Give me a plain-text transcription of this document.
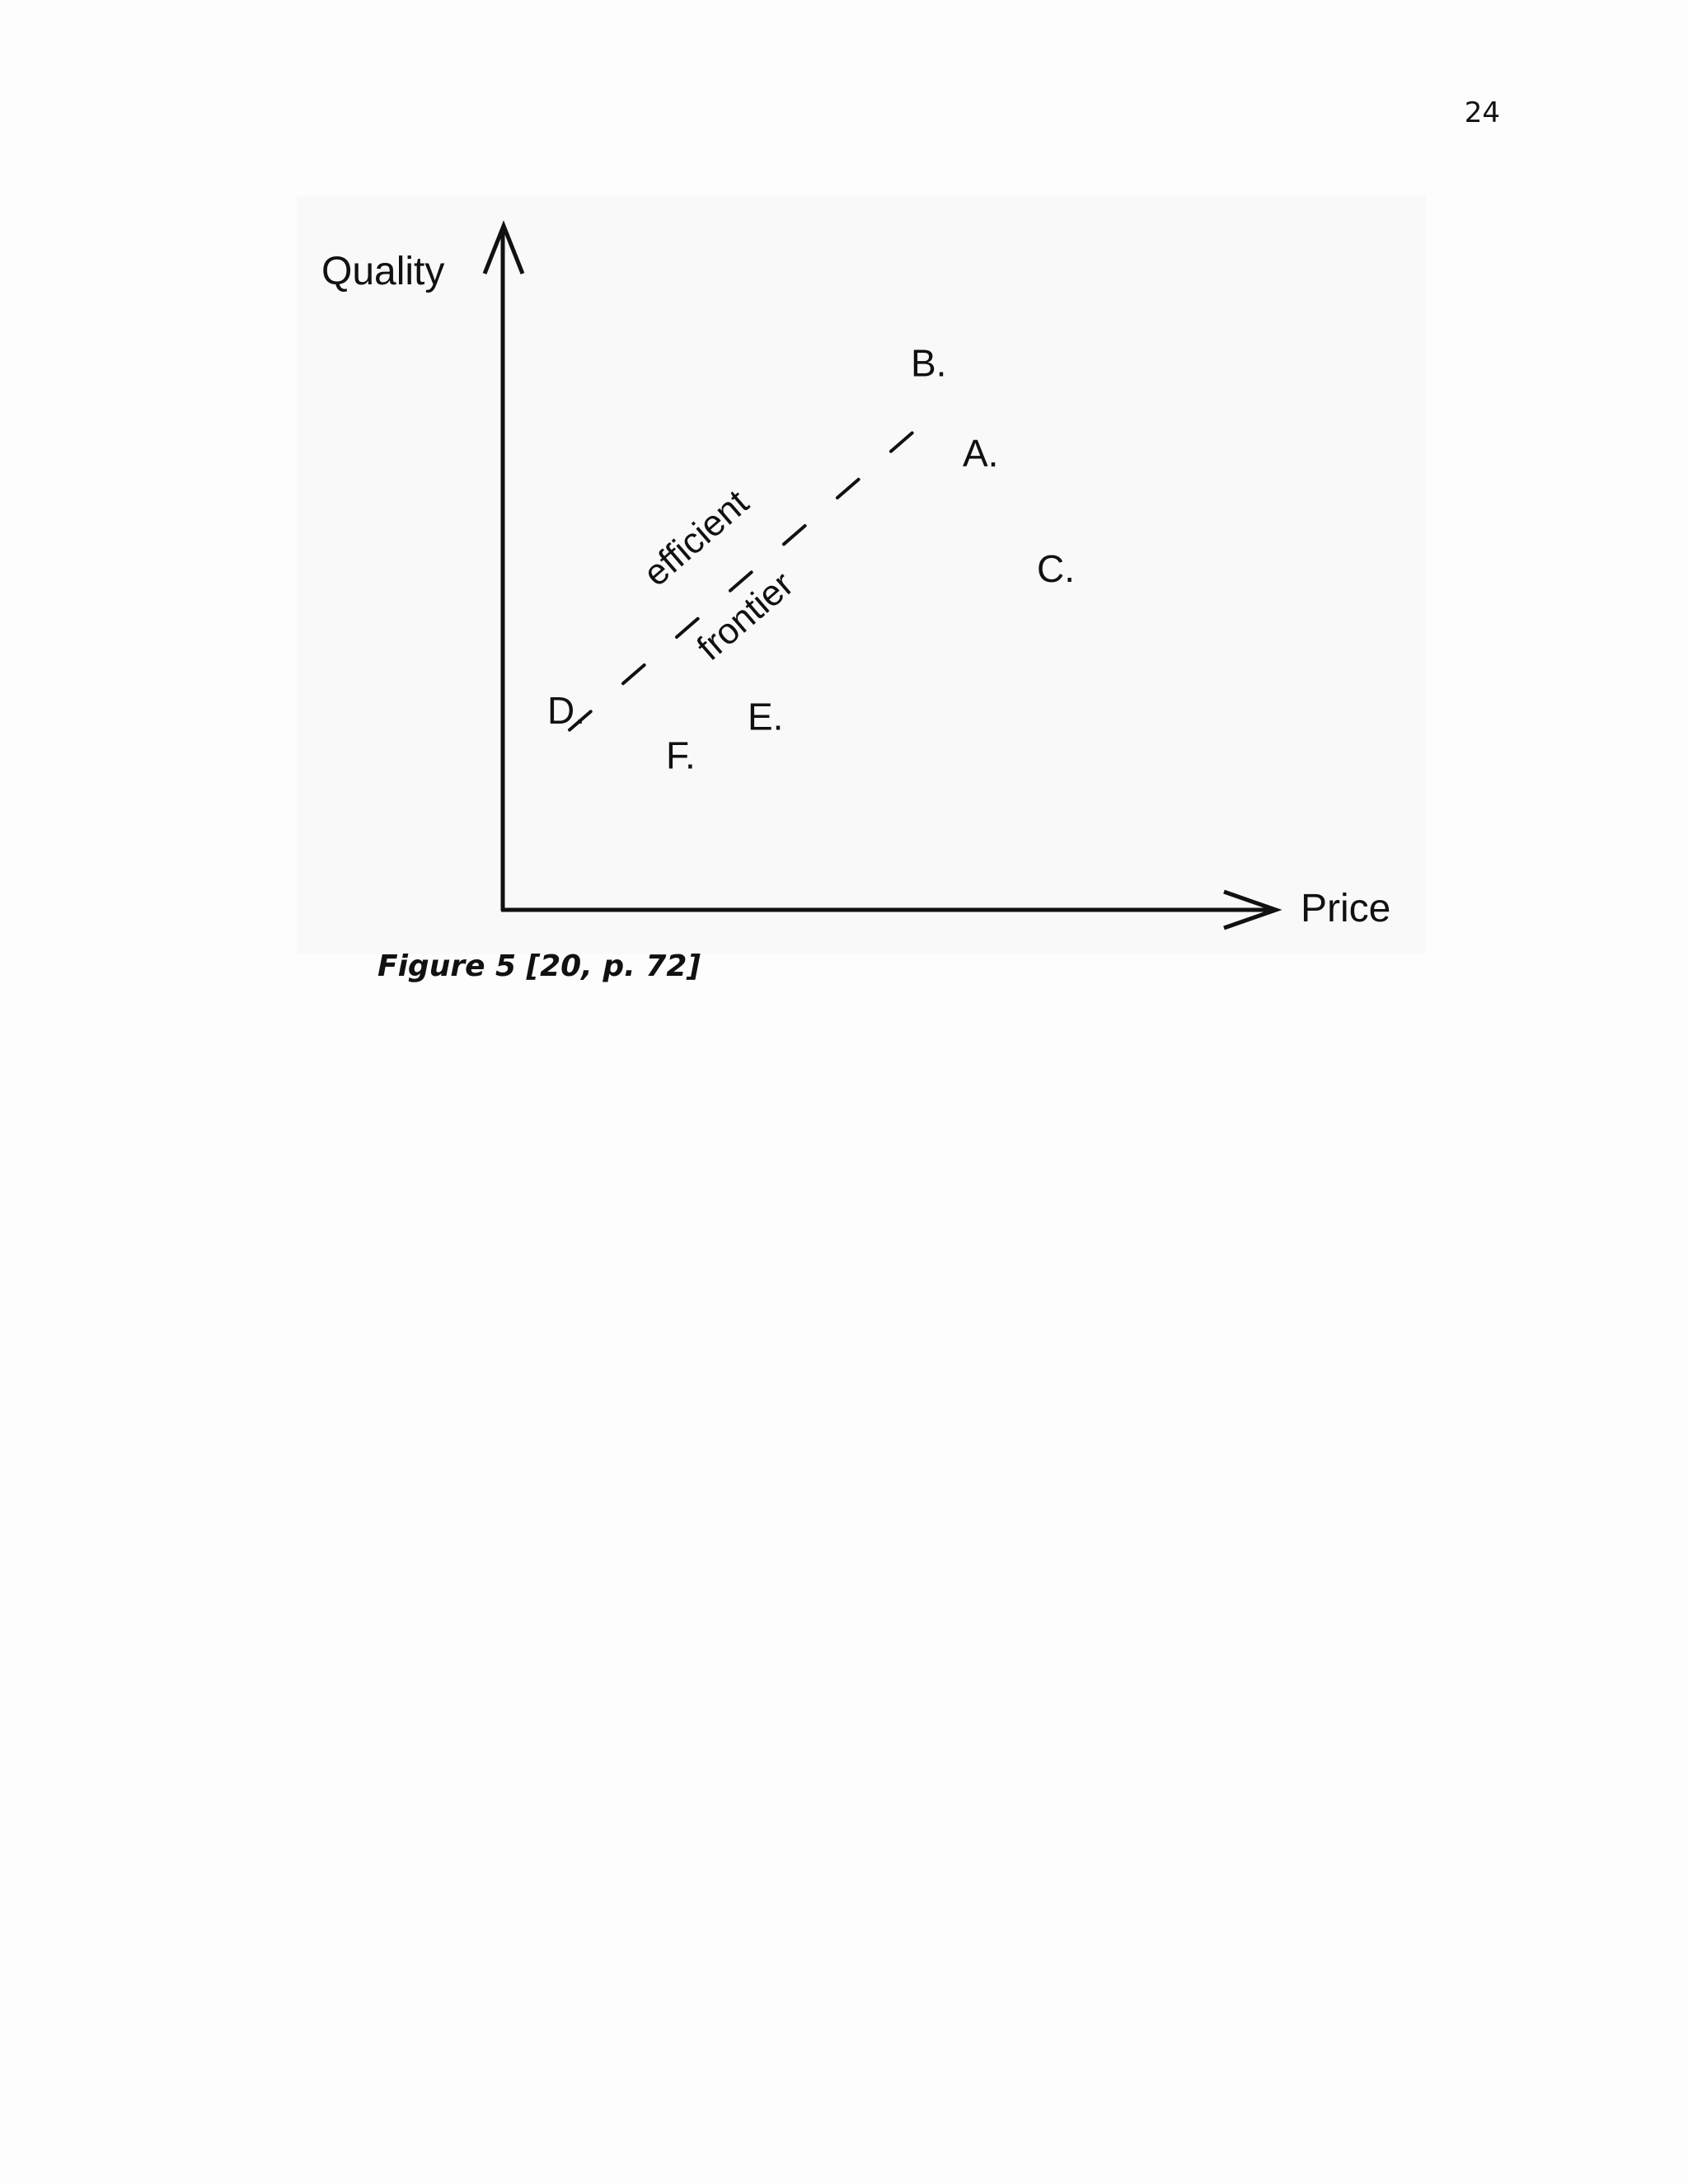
24
Quality
Price
efficient
frontier
A.
B.
C.
D.	E.
F.
Figure 5 [20, p. 72]
